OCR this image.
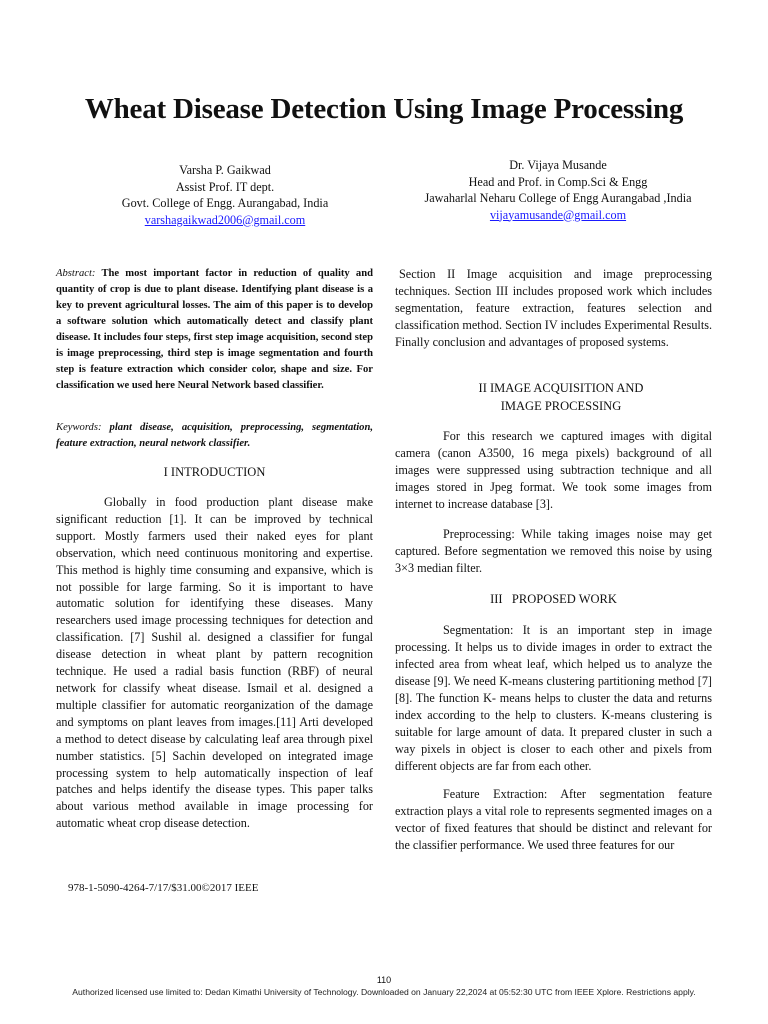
Wheat Disease Detection Using Image Processing
Varsha P. Gaikwad
Assist Prof. IT dept.
Govt. College of Engg. Aurangabad, India
varshagaikwad2006@gmail.com
Dr. Vijaya Musande
Head and Prof. in Comp.Sci & Engg
Jawaharlal Neharu College of Engg Aurangabad ,India
vijayamusande@gmail.com
Abstract: The most important factor in reduction of quality and quantity of crop is due to plant disease. Identifying plant disease is a key to prevent agricultural losses. The aim of this paper is to develop a software solution which automatically detect and classify plant disease. It includes four steps, first step image acquisition, second step is image preprocessing, third step is image segmentation and fourth step is feature extraction which consider color, shape and size. For classification we used here Neural Network based classifier.
Keywords: plant disease, acquisition, preprocessing, segmentation, feature extraction, neural network classifier.
I INTRODUCTION
Globally in food production plant disease make significant reduction [1]. It can be improved by technical support. Mostly farmers used their naked eyes for plant observation, which need continuous monitoring and expertise. This method is highly time consuming and expansive, which is not possible for large farming. So it is important to have automatic solution for identifying these diseases. Many researchers used image processing techniques for detection and classification. [7] Sushil al. designed a classifier for fungal disease detection in wheat plant by pattern recognition technique. He used a radial basis function (RBF) of neural network for classify wheat disease. Ismail et al. designed a multiple classifier for automatic reorganization of the damage and symptoms on plant leaves from images.[11] Arti developed a method to detect disease by calculating leaf area through pixel number statistics. [5] Sachin developed on integrated image processing system to help automatically inspection of leaf patches and helps identify the disease types. This paper talks about various method available in image processing for automatic wheat crop disease detection.
Section II Image acquisition and image preprocessing techniques. Section III includes proposed work which includes segmentation, feature extraction, features selection and classification method. Section IV includes Experimental Results. Finally conclusion and advantages of proposed systems.
II IMAGE ACQUISITION AND IMAGE PROCESSING
For this research we captured images with digital camera (canon A3500, 16 mega pixels) background of all images were suppressed using subtraction technique and all images stored in Jpeg format. We took some images from internet to increase database [3].
Preprocessing: While taking images noise may get captured. Before segmentation we removed this noise by using 3×3 median filter.
III   PROPOSED WORK
Segmentation: It is an important step in image processing. It helps us to divide images in order to extract the infected area from wheat leaf, which helped us to analyze the disease [9]. We need K-means clustering partitioning method [7] [8]. The function K- means helps to cluster the data and returns index according to the help to clusters. K-means clustering is suitable for large amount of data. It prepared cluster in such a way pixels in object is closer to each other and pixels from different objects are far from each other.
Feature Extraction: After segmentation feature extraction plays a vital role to represents segmented images on a vector of fixed features that should be distinct and relevant for the classifier performance. We used three features for our
978-1-5090-4264-7/17/$31.00©2017 IEEE
110
Authorized licensed use limited to: Dedan Kimathi University of Technology. Downloaded on January 22,2024 at 05:52:30 UTC from IEEE Xplore. Restrictions apply.
